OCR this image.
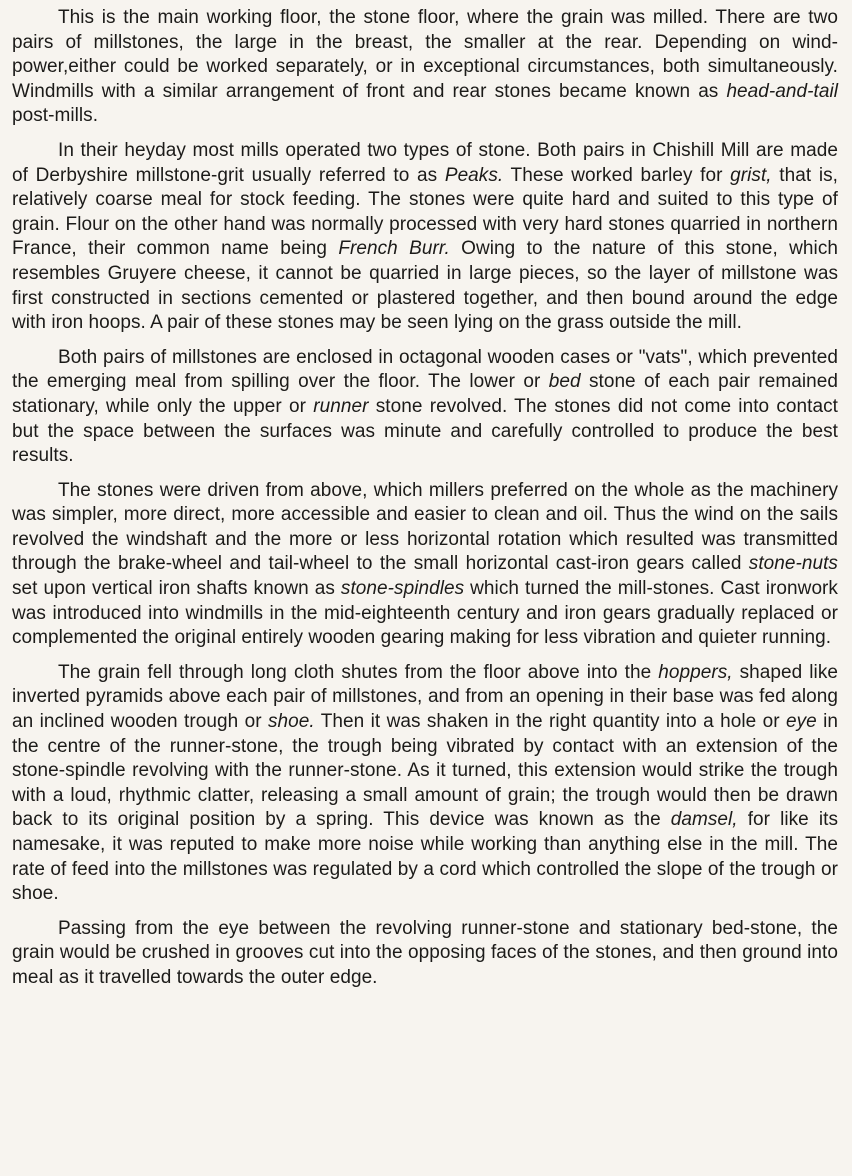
This is the main working floor, the stone floor, where the grain was milled. There are two pairs of millstones, the large in the breast, the smaller at the rear. Depending on wind-power,either could be worked separately, or in exceptional circumstances, both simultaneously. Windmills with a similar arrangement of front and rear stones became known as head-and-tail post-mills.

In their heyday most mills operated two types of stone. Both pairs in Chishill Mill are made of Derbyshire millstone-grit usually referred to as Peaks. These worked barley for grist, that is, relatively coarse meal for stock feeding. The stones were quite hard and suited to this type of grain. Flour on the other hand was normally processed with very hard stones quarried in northern France, their common name being French Burr. Owing to the nature of this stone, which resembles Gruyere cheese, it cannot be quarried in large pieces, so the layer of millstone was first constructed in sections cemented or plastered together, and then bound around the edge with iron hoops. A pair of these stones may be seen lying on the grass outside the mill.

Both pairs of millstones are enclosed in octagonal wooden cases or "vats", which prevented the emerging meal from spilling over the floor. The lower or bed stone of each pair remained stationary, while only the upper or runner stone revolved. The stones did not come into contact but the space between the surfaces was minute and carefully controlled to produce the best results.

The stones were driven from above, which millers preferred on the whole as the machinery was simpler, more direct, more accessible and easier to clean and oil. Thus the wind on the sails revolved the windshaft and the more or less horizontal rotation which resulted was transmitted through the brake-wheel and tail-wheel to the small horizontal cast-iron gears called stone-nuts set upon vertical iron shafts known as stone-spindles which turned the mill-stones. Cast ironwork was introduced into windmills in the mid-eighteenth century and iron gears gradually replaced or complemented the original entirely wooden gearing making for less vibration and quieter running.

The grain fell through long cloth shutes from the floor above into the hoppers, shaped like inverted pyramids above each pair of millstones, and from an opening in their base was fed along an inclined wooden trough or shoe. Then it was shaken in the right quantity into a hole or eye in the centre of the runner-stone, the trough being vibrated by contact with an extension of the stone-spindle revolving with the runner-stone. As it turned, this extension would strike the trough with a loud, rhythmic clatter, releasing a small amount of grain; the trough would then be drawn back to its original position by a spring. This device was known as the damsel, for like its namesake, it was reputed to make more noise while working than anything else in the mill. The rate of feed into the millstones was regulated by a cord which controlled the slope of the trough or shoe.

Passing from the eye between the revolving runner-stone and stationary bed-stone, the grain would be crushed in grooves cut into the opposing faces of the stones, and then ground into meal as it travelled towards the outer edge.
